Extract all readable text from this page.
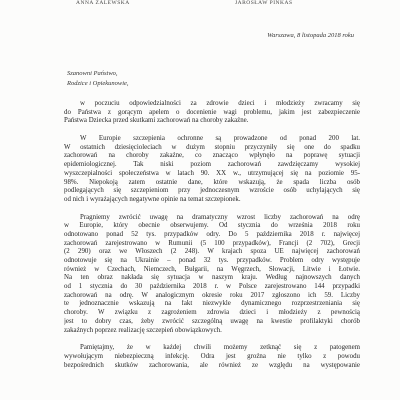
ANNA ZALEWSKA	JAROSŁAW PINKAS
Warszawa, 8 listopada 2018 roku
Szanowni Państwo,
Rodzice i Opiekunowie,
w poczuciu odpowiedzialności za zdrowie dzieci i młodzieży zwracamy się
do Państwa z gorącym apelem o docenienie wagi problemu, jakim jest zabezpieczenie
Państwa Dziecka przed skutkami zachorowań na choroby zakaźne.
W Europie szczepienia ochronne są prowadzone od ponad 200 lat.
W ostatnich dziesięcioleciach w dużym stopniu przyczyniły się one do spadku
zachorowań na choroby zakaźne, co znacząco wpłynęło na poprawę sytuacji
epidemiologicznej. Tak niski poziom zachorowań zawdzięczamy wysokiej
wyszczepialności społeczeństwa w latach 90. XX w., utrzymującej się na poziomie 95-
98%. Niepokoją zatem ostatnie dane, które wskazują, że spada liczba osób
podlegających się szczepieniom przy jednoczesnym wzroście osób uchylających się
od nich i wyrażających negatywne opinie na temat szczepionek.
Pragniemy zwrócić uwagę na dramatyczny wzrost liczby zachorowań na odrę
w Europie, który obecnie obserwujemy. Od stycznia do września 2018 roku
odnotowano ponad 52 tys. przypadków odry. Do 5 października 2018 r. najwięcej
zachorowań zarejestrowano w Rumunii (5 100 przypadków), Francji (2 702), Grecji
(2 290) oraz we Włoszech (2 248). W krajach spoza UE najwięcej zachorowań
odnotowuje się na Ukrainie – ponad 32 tys. przypadków. Problem odry występuje
również w Czechach, Niemczech, Bułgarii, na Węgrzech, Słowacji, Litwie i Łotwie.
Na ten obraz nakłada się sytuacja w naszym kraju. Według najnowszych danych
od 1 stycznia do 30 października 2018 r. w Polsce zarejestrowano 144 przypadki
zachorowań na odrę. W analogicznym okresie roku 2017 zgłoszono ich 59. Liczby
te jednoznacznie wskazują na fakt niezwykle dynamicznego rozprzestrzeniania się
choroby. W związku z zagrożeniem zdrowia dzieci i młodzieży z pewnością
jest to dobry czas, żeby zwrócić szczególną uwagę na kwestie profilaktyki chorób
zakaźnych poprzez realizację szczepień obowiązkowych.
Pamiętajmy, że w każdej chwili możemy zetknąć się z patogenem
wywołującym niebezpieczną infekcję. Odra jest groźna nie tylko z powodu
bezpośrednich skutków zachorowania, ale również ze względu na występowanie
